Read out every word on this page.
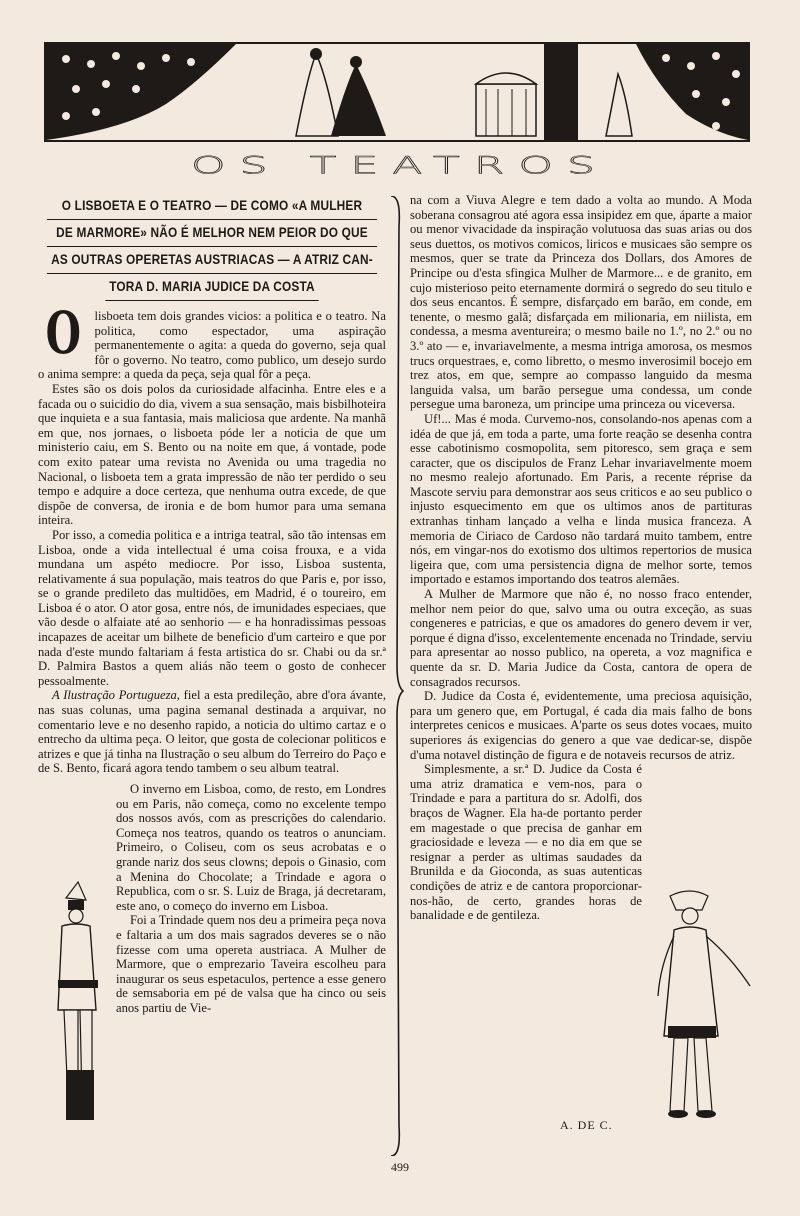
OS TEATROS
O LISBOETA E O TEATRO — DE COMO «A MULHER
DE MARMORE» NÃO É MELHOR NEM PEIOR DO QUE
AS OUTRAS OPERETAS AUSTRIACAS — A ATRIZ CAN-
TORA D. MARIA JUDICE DA COSTA

O lisboeta tem dois grandes vicios: a politica e o teatro. Na politica, como espectador, uma aspiração permanentemente o agita: a queda do governo, seja qual fôr o governo. No teatro, como publico, um desejo surdo o anima sempre: a queda da peça, seja qual fôr a peça.

Estes são os dois polos da curiosidade alfacinha. Entre eles e a facada ou o suicidio do dia, vivem a sua sensação, mais bisbilhoteira que inquieta e a sua fantasia, mais maliciosa que ardente. Na manhã em que, nos jornaes, o lisboeta póde ler a noticia de que um ministerio caiu, em S. Bento ou na noite em que, á vontade, pode com exito patear uma revista no Avenida ou uma tragedia no Nacional, o lisboeta tem a grata impressão de não ter perdido o seu tempo e adquire a doce certeza, que nenhuma outra excede, de que dispõe de conversa, de ironia e de bom humor para uma semana inteira.

Por isso, a comedia politica e a intriga teatral, são tão intensas em Lisboa, onde a vida intellectual é uma coisa frouxa, e a vida mundana um aspéto mediocre. Por isso, Lisboa sustenta, relativamente á sua população, mais teatros do que Paris e, por isso, se o grande predileto das multidões, em Madrid, é o toureiro, em Lisboa é o ator. O ator gosa, entre nós, de imunidades especiaes, que vão desde o alfaiate até ao senhorio — e ha honradissimas pessoas incapazes de aceitar um bilhete de beneficio d'um carteiro e que por nada d'este mundo faltariam á festa artistica do sr. Chabi ou da sr.ª D. Palmira Bastos a quem aliás não teem o gosto de conhecer pessoalmente.

A Ilustração Portugueza, fiel a esta predileção, abre d'ora ávante, nas suas colunas, uma pagina semanal destinada a arquivar, no comentario leve e no desenho rapido, a noticia do ultimo cartaz e o entrecho da ultima peça. O leitor, que gosta de colecionar politicos e atrizes e que já tinha na Ilustração o seu album do Terreiro do Paço e de S. Bento, ficará agora tendo tambem o seu album teatral.

O inverno em Lisboa, como, de resto, em Londres ou em Paris, não começa, como no excelente tempo dos nossos avós, com as prescrições do calendario. Começa nos teatros, quando os teatros o anunciam. Primeiro, o Coliseu, com os seus acrobatas e o grande nariz dos seus clowns; depois o Ginasio, com a Menina do Chocolate; a Trindade e agora o Republica, com o sr. S. Luiz de Braga, já decretaram, este ano, o começo do inverno em Lisboa.

Foi a Trindade quem nos deu a primeira peça nova e faltaria a um dos mais sagrados deveres se o não fizesse com uma opereta austriaca. A Mulher de Marmore, que o emprezario Taveira escolheu para inaugurar os seus espetaculos, pertence a esse genero de semsaboria em pé de valsa que ha cinco ou seis anos partiu de Vie-

na com a Viuva Alegre e tem dado a volta ao mundo. A Moda soberana consagrou até agora essa insipidez em que, áparte a maior ou menor vivacidade da inspiração volutuosa das suas arias ou dos seus duettos, os motivos comicos, liricos e musicaes são sempre os mesmos, quer se trate da Princeza dos Dollars, dos Amores de Principe ou d'esta sfingica Mulher de Marmore... e de granito, em cujo misterioso peito eternamente dormirá o segredo do seu titulo e dos seus encantos. É sempre, disfarçado em barão, em conde, em tenente, o mesmo galã; disfarçada em milionaria, em niilista, em condessa, a mesma aventureira; o mesmo baile no 1.º, no 2.º ou no 3.º ato — e, invariavelmente, a mesma intriga amorosa, os mesmos trucs orquestraes, e, como libretto, o mesmo inverosimil bocejo em trez atos, em que, sempre ao compasso languido da mesma languida valsa, um barão persegue uma condessa, um conde persegue uma baroneza, um principe uma princeza ou viceversa.

Uf!... Mas é moda. Curvemo-nos, consolando-nos apenas com a idéa de que já, em toda a parte, uma forte reação se desenha contra esse cabotinismo cosmopolita, sem pitoresco, sem graça e sem caracter, que os discipulos de Franz Lehar invariavelmente moem no mesmo realejo afortunado. Em Paris, a recente réprise da Mascote serviu para demonstrar aos seus criticos e ao seu publico o injusto esquecimento em que os ultimos anos de partituras extranhas tinham lançado a velha e linda musica franceza. A memoria de Ciriaco de Cardoso não tardará muito tambem, entre nós, em vingar-nos do exotismo dos ultimos repertorios de musica ligeira que, com uma persistencia digna de melhor sorte, temos importado e estamos importando dos teatros alemães.

A Mulher de Marmore que não é, no nosso fraco entender, melhor nem peior do que, salvo uma ou outra exceção, as suas congeneres e patricias, e que os amadores do genero devem ir ver, porque é digna d'isso, excelentemente encenada no Trindade, serviu para apresentar ao nosso publico, na opereta, a voz magnifica e quente da sr. D. Maria Judice da Costa, cantora de opera de consagrados recursos.

D. Judice da Costa é, evidentemente, uma preciosa aquisição, para um genero que, em Portugal, é cada dia mais falho de bons interpretes cenicos e musicaes. A'parte os seus dotes vocaes, muito superiores ás exigencias do genero a que vae dedicar-se, dispõe d'uma notavel distinção de figura e de notaveis recursos de atriz.

Simplesmente, a sr.ª D. Judice da Costa é uma atriz dramatica e vem-nos, para o Trindade e para a partitura do sr. Adolfi, dos braços de Wagner. Ela ha-de portanto perder em magestade o que precisa de ganhar em graciosidade e leveza — e no dia em que se resignar a perder as ultimas saudades da Brunilda e da Gioconda, as suas autenticas condições de atriz e de cantora proporcionar-nos-hão, de certo, grandes horas de banalidade e de gentileza.

A. DE C.
499
